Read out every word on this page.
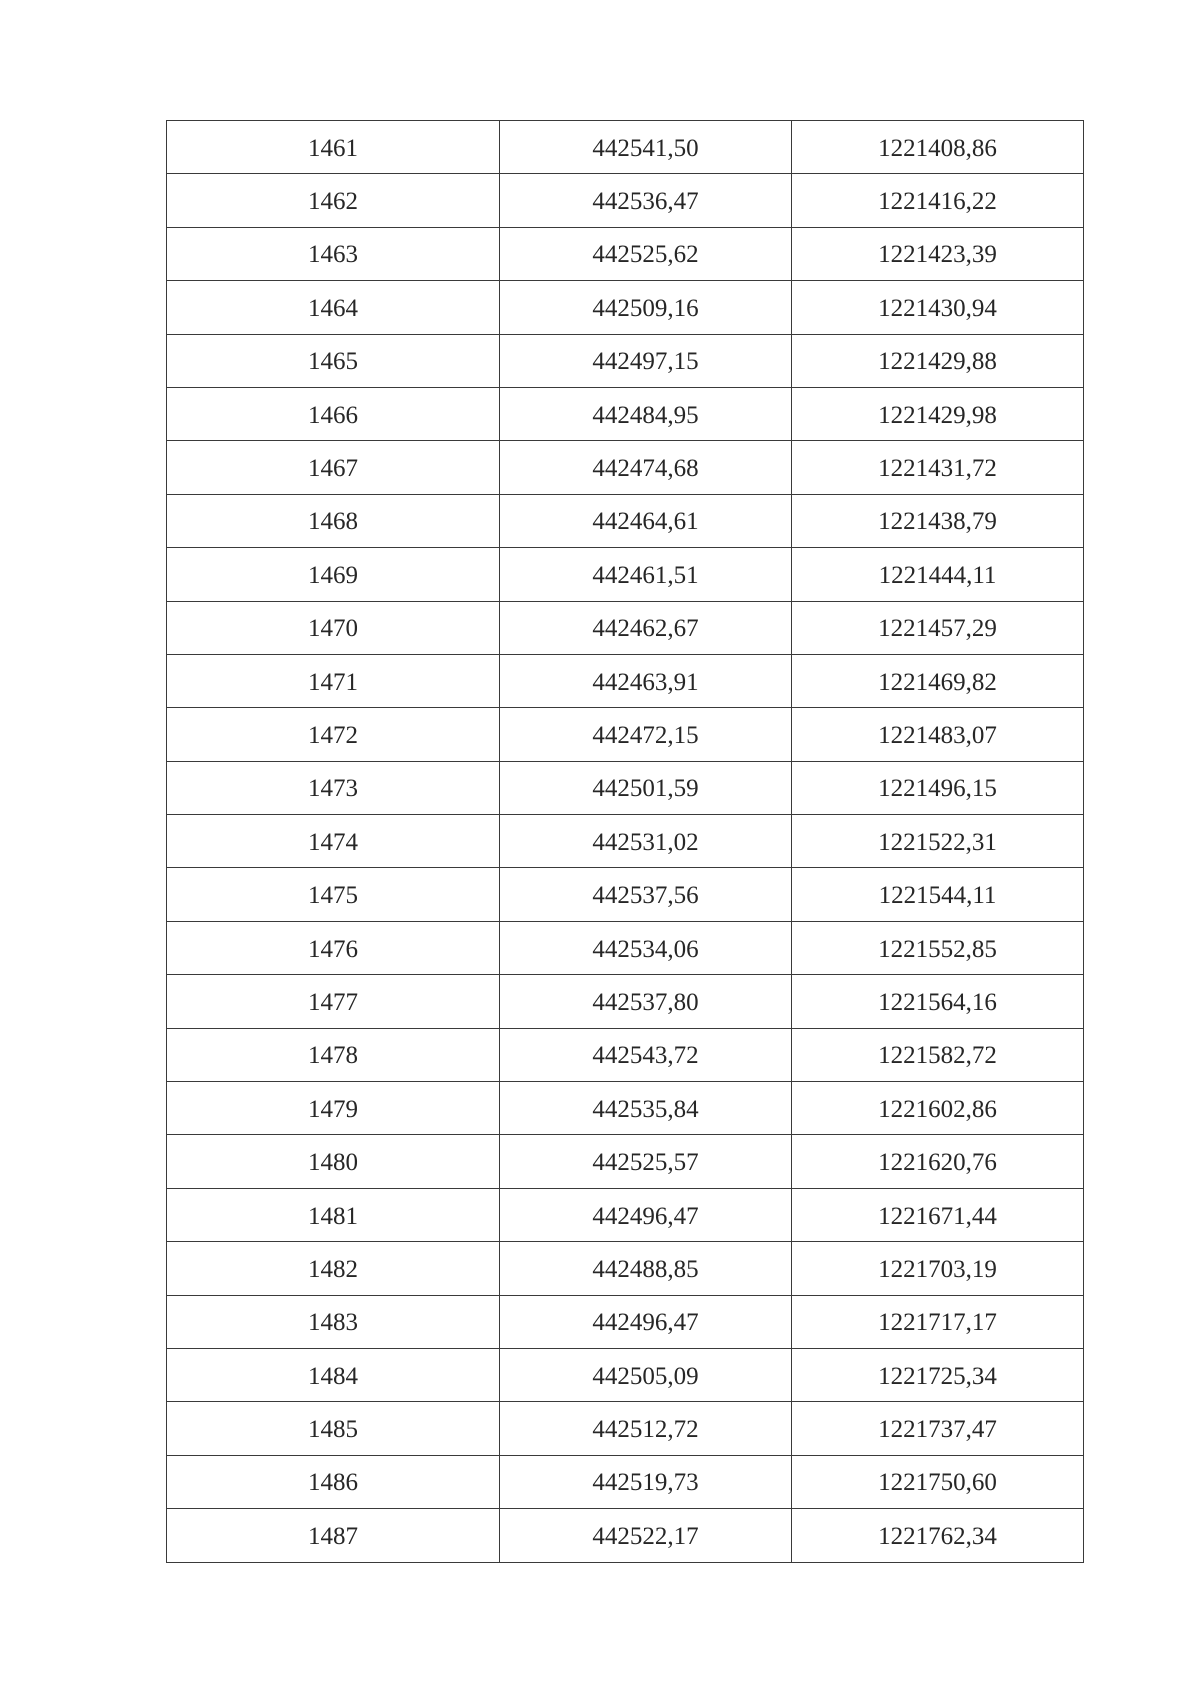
1461	442541,50	1221408,86
1462	442536,47	1221416,22
1463	442525,62	1221423,39
1464	442509,16	1221430,94
1465	442497,15	1221429,88
1466	442484,95	1221429,98
1467	442474,68	1221431,72
1468	442464,61	1221438,79
1469	442461,51	1221444,11
1470	442462,67	1221457,29
1471	442463,91	1221469,82
1472	442472,15	1221483,07
1473	442501,59	1221496,15
1474	442531,02	1221522,31
1475	442537,56	1221544,11
1476	442534,06	1221552,85
1477	442537,80	1221564,16
1478	442543,72	1221582,72
1479	442535,84	1221602,86
1480	442525,57	1221620,76
1481	442496,47	1221671,44
1482	442488,85	1221703,19
1483	442496,47	1221717,17
1484	442505,09	1221725,34
1485	442512,72	1221737,47
1486	442519,73	1221750,60
1487	442522,17	1221762,34
